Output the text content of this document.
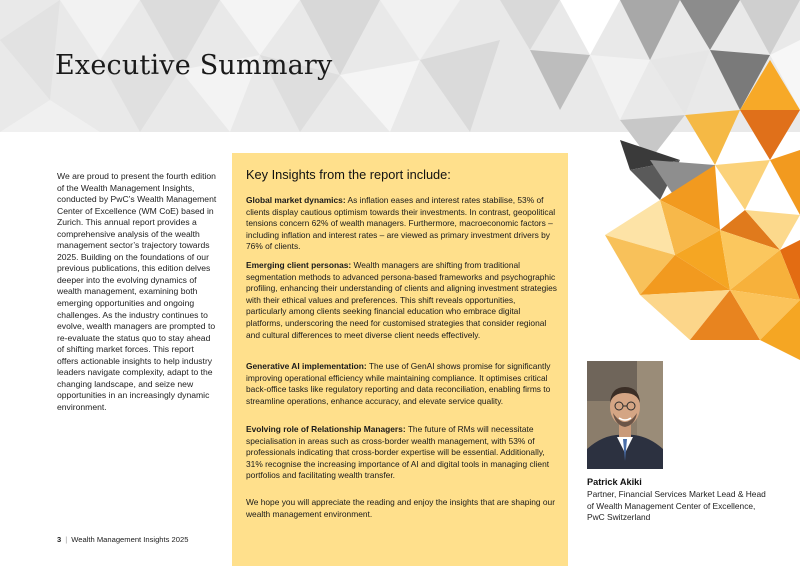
Executive Summary

We are proud to present the fourth edition of the Wealth Management Insights, conducted by PwC’s Wealth Management Center of Excellence (WM CoE) based in Zurich. This annual report provides a comprehensive analysis of the wealth management sector’s trajectory towards 2025. Building on the foundations of our previous publications, this edition delves deeper into the evolving dynamics of wealth management, examining both emerging opportunities and ongoing challenges. As the industry continues to evolve, wealth managers are prompted to re-evaluate the status quo to stay ahead of shifting market forces. This report offers actionable insights to help industry leaders navigate complexity, adapt to the changing landscape, and seize new opportunities in an increasingly dynamic environment.

Key Insights from the report include:

Global market dynamics: As inflation eases and interest rates stabilise, 53% of clients display cautious optimism towards their investments. In contrast, geopolitical tensions concern 62% of wealth managers. Furthermore, macroeconomic factors – including inflation and interest rates – are viewed as primary investment drivers by 76% of clients.

Emerging client personas: Wealth managers are shifting from traditional segmentation methods to advanced persona-based frameworks and psychographic profiling, enhancing their understanding of clients and aligning investment strategies with their ethical values and preferences. This shift reveals opportunities, particularly among clients seeking financial education who embrace digital platforms, underscoring the need for customised strategies that consider regional and cultural differences to meet diverse client needs effectively.

Generative AI implementation: The use of GenAI shows promise for significantly improving operational efficiency while maintaining compliance. It optimises critical back-office tasks like regulatory reporting and data reconciliation, enabling firms to streamline operations, enhance accuracy, and elevate service quality.

Evolving role of Relationship Managers: The future of RMs will necessitate specialisation in areas such as cross-border wealth management, with 53% of professionals indicating that cross-border expertise will be essential. Additionally, 31% recognise the increasing importance of AI and digital tools in managing client portfolios and facilitating wealth transfer.

We hope you will appreciate the reading and enjoy the insights that are shaping our wealth management environment.

Patrick Akiki
Partner, Financial Services Market Lead & Head of Wealth Management Center of Excellence, PwC Switzerland
3 | Wealth Management Insights 2025
